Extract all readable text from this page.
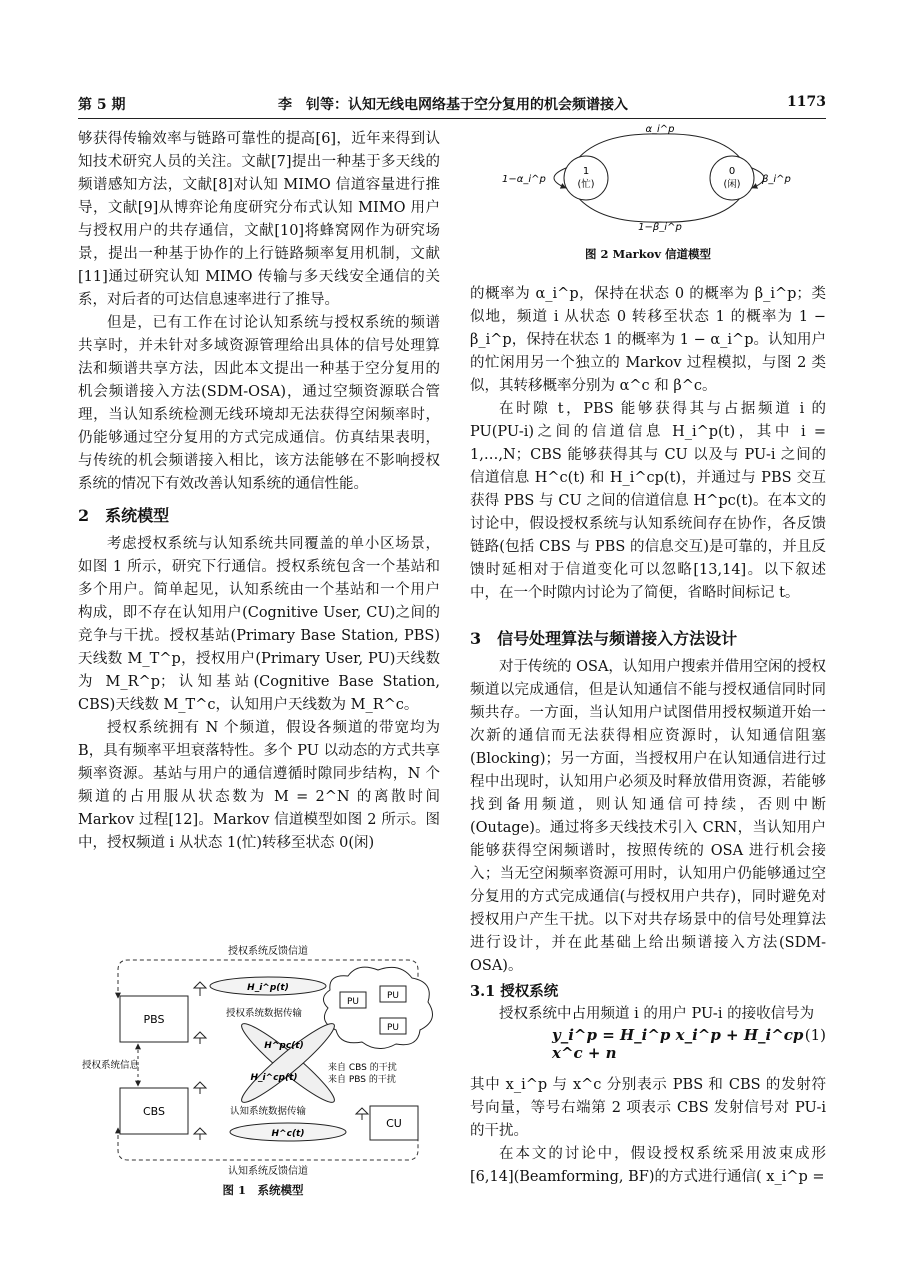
第 5 期	李　钊等：认知无线电网络基于空分复用的机会频谱接入	1173

够获得传输效率与链路可靠性的提高[6]，近年来得到认知技术研究人员的关注。文献[7]提出一种基于多天线的频谱感知方法，文献[8]对认知 MIMO 信道容量进行推导，文献[9]从博弈论角度研究分布式认知 MIMO 用户与授权用户的共存通信，文献[10]将蜂窝网作为研究场景，提出一种基于协作的上行链路频率复用机制，文献[11]通过研究认知 MIMO 传输与多天线安全通信的关系，对后者的可达信息速率进行了推导。

但是，已有工作在讨论认知系统与授权系统的频谱共享时，并未针对多域资源管理给出具体的信号处理算法和频谱共享方法，因此本文提出一种基于空分复用的机会频谱接入方法(SDM-OSA)，通过空频资源联合管理，当认知系统检测无线环境却无法获得空闲频率时，仍能够通过空分复用的方式完成通信。仿真结果表明，与传统的机会频谱接入相比，该方法能够在不影响授权系统的情况下有效改善认知系统的通信性能。

2　系统模型

考虑授权系统与认知系统共同覆盖的单小区场景，如图 1 所示，研究下行通信。授权系统包含一个基站和多个用户。简单起见，认知系统由一个基站和一个用户构成，即不存在认知用户(Cognitive User, CU)之间的竞争与干扰。授权基站(Primary Base Station, PBS)天线数 M_T^p，授权用户(Primary User, PU)天线数为 M_R^p；认知基站(Cognitive Base Station, CBS)天线数 M_T^c，认知用户天线数为 M_R^c。

授权系统拥有 N 个频道，假设各频道的带宽均为 B，具有频率平坦衰落特性。多个 PU 以动态的方式共享频率资源。基站与用户的通信遵循时隙同步结构，N 个频道的占用服从状态数为 M = 2^N 的离散时间 Markov 过程[12]。Markov 信道模型如图 2 所示。图中，授权频道 i 从状态 1(忙)转移至状态 0(闲)

授权系统反馈信道
认知系统反馈信道
PBS
CBS
CU
PU
PU
PU
H_i^p(t)
授权系统数据传输
H^pc(t)
H_i^cp(t)
H^c(t)
认知系统数据传输
授权系统信息	来自 CBS 的干扰
来自 PBS 的干扰
图 1　系统模型
1
(忙)
0
(闲)
α_i^p
1−β_i^p
1−α_i^p	β_i^p
图 2 Markov 信道模型

的概率为 α_i^p，保持在状态 0 的概率为 β_i^p；类似地，频道 i 从状态 0 转移至状态 1 的概率为 1 − β_i^p，保持在状态 1 的概率为 1 − α_i^p。认知用户的忙闲用另一个独立的 Markov 过程模拟，与图 2 类似，其转移概率分别为 α^c 和 β^c。

在时隙 t，PBS 能够获得其与占据频道 i 的 PU(PU-i)之间的信道信息 H_i^p(t)，其中 i = 1,…,N；CBS 能够获得其与 CU 以及与 PU-i 之间的信道信息 H^c(t) 和 H_i^cp(t)，并通过与 PBS 交互获得 PBS 与 CU 之间的信道信息 H^pc(t)。在本文的讨论中，假设授权系统与认知系统间存在协作，各反馈链路(包括 CBS 与 PBS 的信息交互)是可靠的，并且反馈时延相对于信道变化可以忽略[13,14]。以下叙述中，在一个时隙内讨论为了简便，省略时间标记 t。

3　信号处理算法与频谱接入方法设计

对于传统的 OSA，认知用户搜索并借用空闲的授权频道以完成通信，但是认知通信不能与授权通信同时同频共存。一方面，当认知用户试图借用授权频道开始一次新的通信而无法获得相应资源时，认知通信阻塞(Blocking)；另一方面，当授权用户在认知通信进行过程中出现时，认知用户必须及时释放借用资源，若能够找到备用频道，则认知通信可持续，否则中断(Outage)。通过将多天线技术引入 CRN，当认知用户能够获得空闲频谱时，按照传统的 OSA 进行机会接入；当无空闲频率资源可用时，认知用户仍能够通过空分复用的方式完成通信(与授权用户共存)，同时避免对授权用户产生干扰。以下对共存场景中的信号处理算法进行设计，并在此基础上给出频谱接入方法(SDM-OSA)。

3.1 授权系统

授权系统中占用频道 i 的用户 PU-i 的接收信号为

y_i^p = H_i^p x_i^p + H_i^cp x^c + n
(1)

其中 x_i^p 与 x^c 分别表示 PBS 和 CBS 的发射符号向量，等号右端第 2 项表示 CBS 发射信号对 PU-i 的干扰。

在本文的讨论中，假设授权系统采用波束成形[6,14](Beamforming, BF)的方式进行通信( x_i^p =
